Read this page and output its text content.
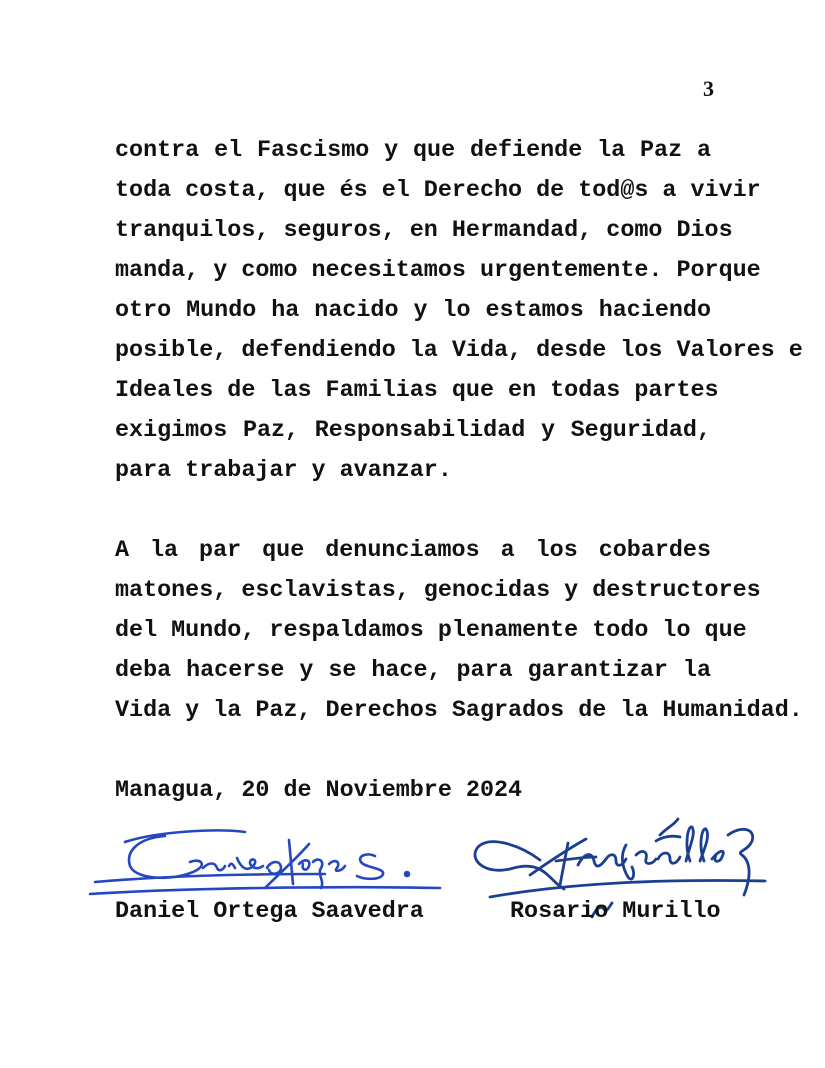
3
contra el Fascismo y que defiende la Paz a
toda costa, que és el Derecho de tod@s a vivir
tranquilos, seguros, en Hermandad, como Dios
manda, y como necesitamos urgentemente. Porque
otro Mundo ha nacido y lo estamos haciendo
posible, defendiendo la Vida, desde los Valores e
Ideales de las Familias que en todas partes
exigimos Paz, Responsabilidad y Seguridad,
para trabajar y avanzar.
A la par que denunciamos a los cobardes
matones, esclavistas, genocidas y destructores
del Mundo, respaldamos plenamente todo lo que
deba hacerse y se hace, para garantizar la
Vida y la Paz, Derechos Sagrados de la Humanidad.
Managua, 20 de Noviembre 2024
Daniel Ortega Saavedra	Rosario Murillo
